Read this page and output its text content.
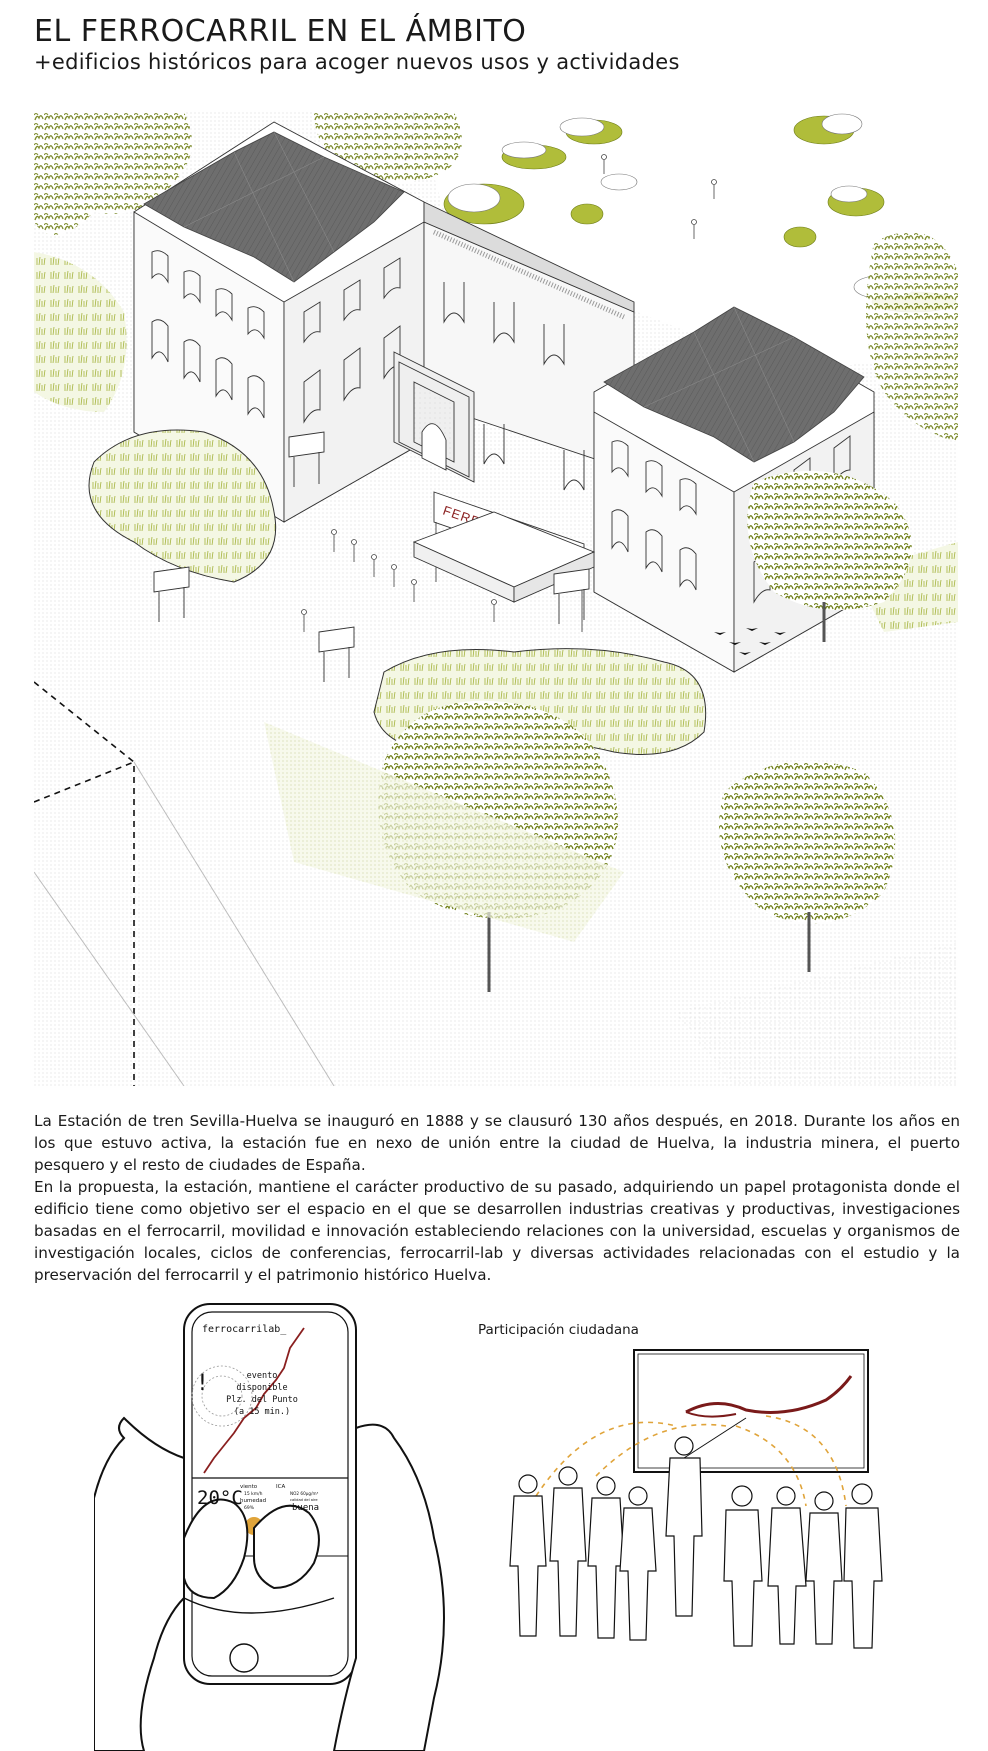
EL FERROCARRIL EN EL ÁMBITO
+edificios históricos para acoger nuevos usos y actividades

La Estación de tren Sevilla-Huelva se inauguró en 1888 y se clausuró 130 años después, en 2018. Durante los años en los que estuvo activa, la estación fue en nexo de unión entre la ciudad de Huelva, la industria minera, el puerto pesquero y el resto de ciudades de España.

En la propuesta, la estación, mantiene el carácter productivo de su pasado, adquiriendo un papel protagonista donde el edificio tiene como objetivo ser el espacio en el que se desarrollen industrias creativas y productivas, investigaciones basadas en el ferrocarril, movilidad e innovación estableciendo relaciones con la universidad, escuelas y organismos de investigación locales, ciclos de conferencias, ferrocarril-lab y diversas actividades relacionadas con el estudio y la preservación del ferrocarril y el patrimonio histórico Huelva.

ferrocarrilab_
!	evento
disponible
Plz. del Punto
(a 15 min.)
20°C
viento
15 km/h
humedad
69%
ICA
NO2 60µg/m³
calidad del aire
buena
Participación ciudadana
